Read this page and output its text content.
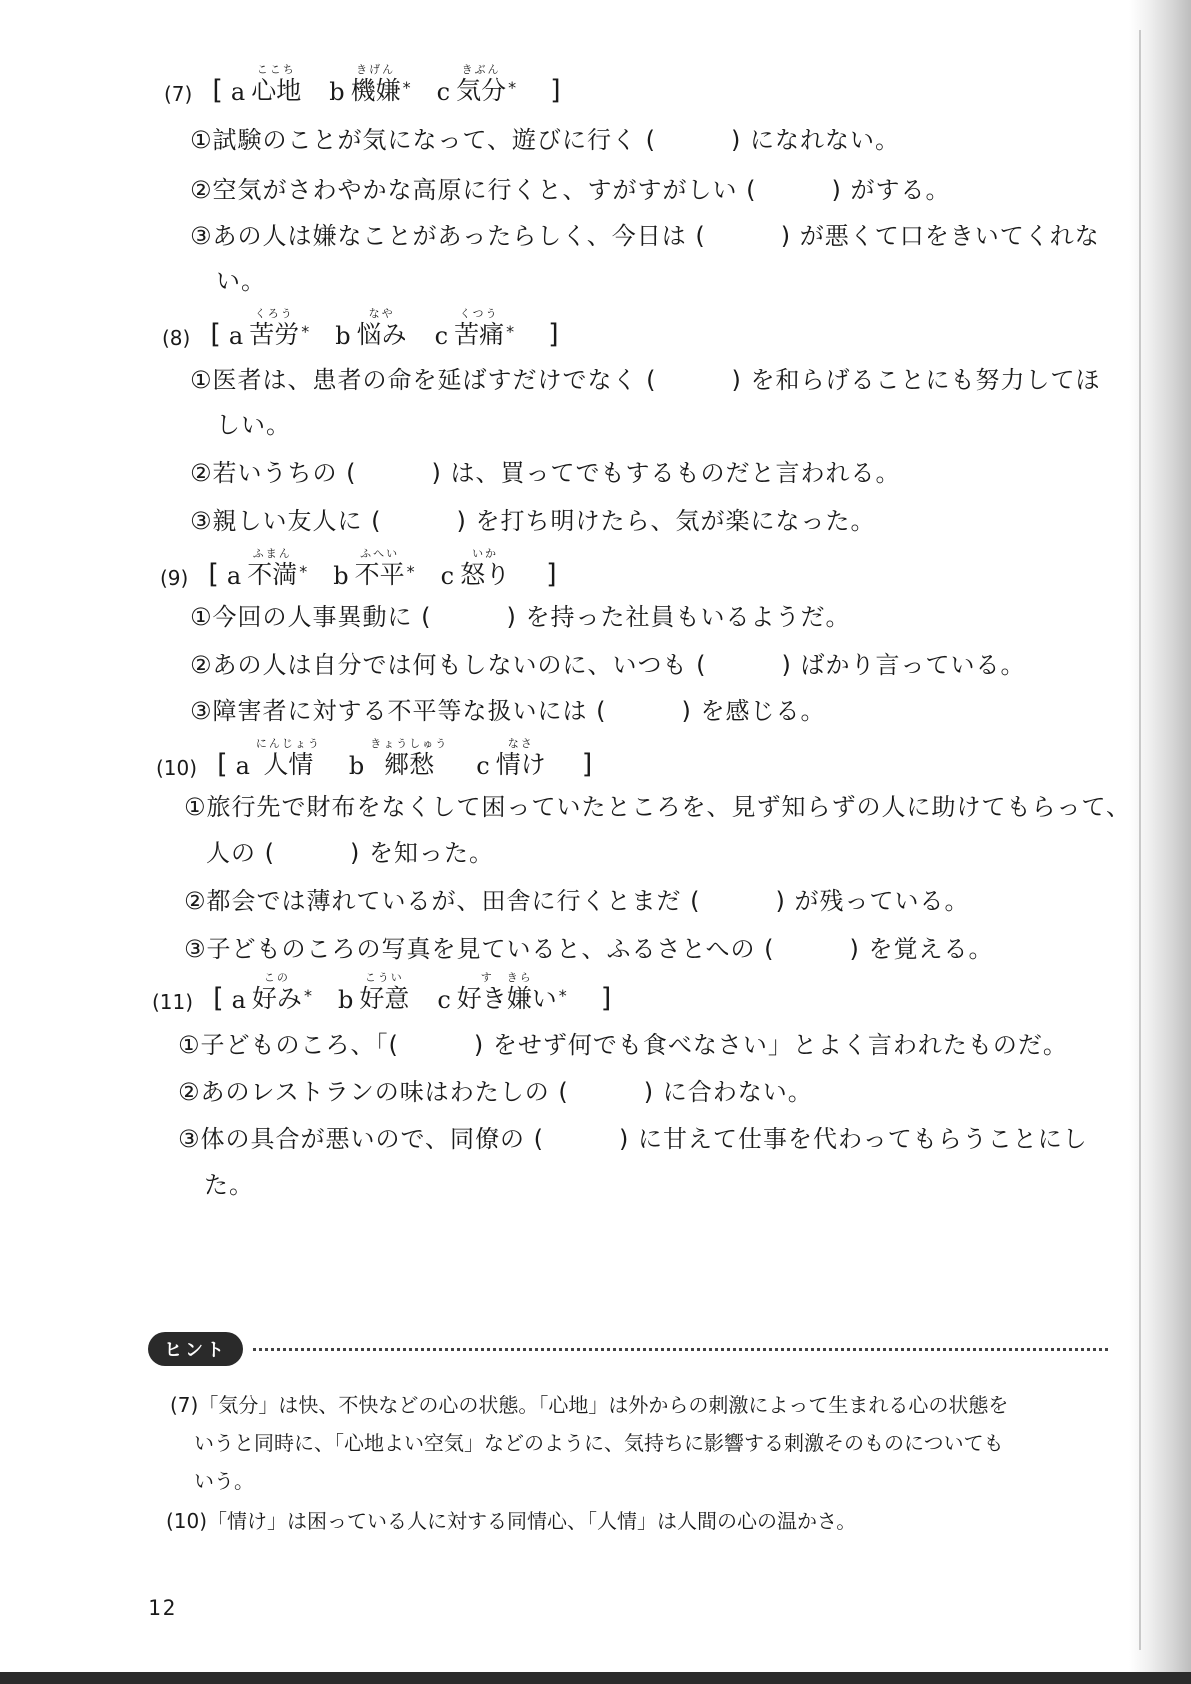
(7) [ a
ここち
心地 b
きげん
機嫌 * c
きぶん
気分 * ]
①試験のことが気になって、遊びに行く (　　　) になれない。
②空気がさわやかな高原に行くと、すがすがしい (　　　) がする。
③あの人は嫌なことがあったらしく、今日は (　　　) が悪くて口をきいてくれな
い。
(8) [ a
くろう
苦労 * b
なや
悩み c
くつう
苦痛 * ]
①医者は、患者の命を延ばすだけでなく (　　　) を和らげることにも努力してほ
しい。
②若いうちの (　　　) は、買ってでもするものだと言われる。
③親しい友人に (　　　) を打ち明けたら、気が楽になった。
(9) [ a
ふまん
不満 * b
ふへい
不平 * c
いか
怒り ]
①今回の人事異動に (　　　) を持った社員もいるようだ。
②あの人は自分では何もしないのに、いつも (　　　) ばかり言っている。
③障害者に対する不平等な扱いには (　　　) を感じる。
(10) [ a
にんじょう
人情 b
きょうしゅう
郷愁 c
なさ
情け ]
①旅行先で財布をなくして困っていたところを、見ず知らずの人に助けてもらって、
人の (　　　) を知った。
②都会では薄れているが、田舎に行くとまだ (　　　) が残っている。
③子どものころの写真を見ていると、ふるさとへの (　　　) を覚える。
(11) [ a
この
好み * b
こうい
好意 c
す　きら
好き嫌い * ]
①子どものころ、「(　　　) をせず何でも食べなさい」とよく言われたものだ。
②あのレストランの味はわたしの (　　　) に合わない。
③体の具合が悪いので、同僚の (　　　) に甘えて仕事を代わってもらうことにし
た。
ヒント
(7)「気分」は快、不快などの心の状態。「心地」は外からの刺激によって生まれる心の状態を
いうと同時に、「心地よい空気」などのように、気持ちに影響する刺激そのものについても
いう。
(10)「情け」は困っている人に対する同情心、「人情」は人間の心の温かさ。
12
